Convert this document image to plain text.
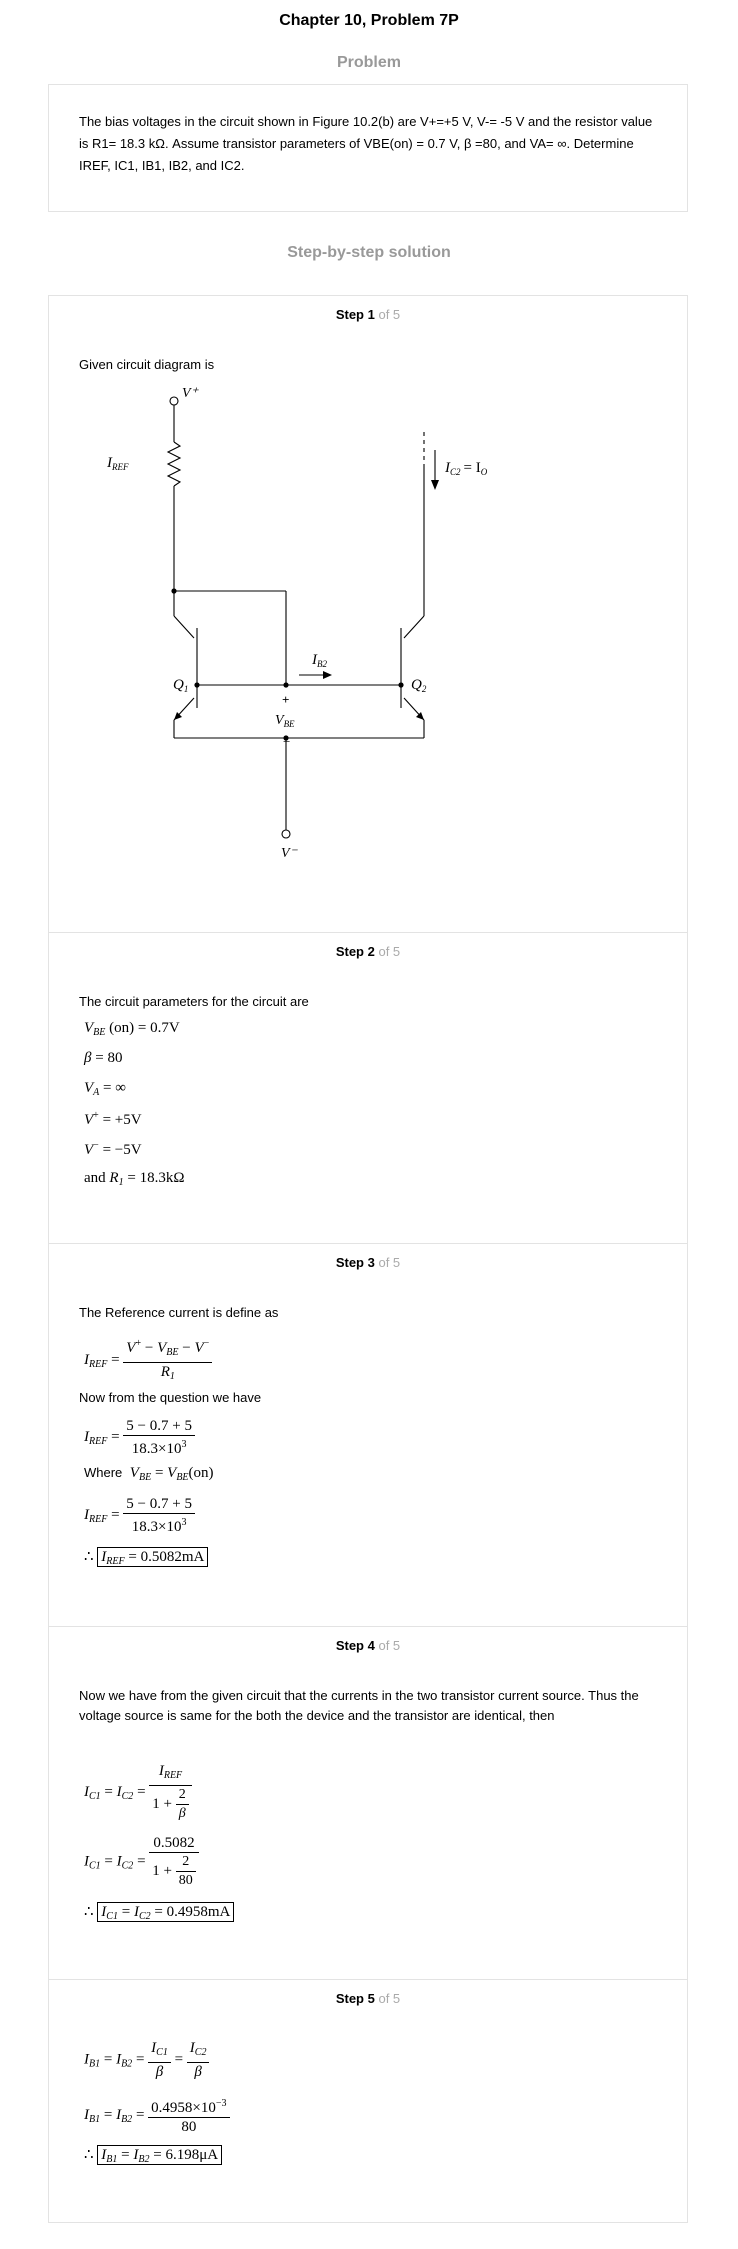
Chapter 10, Problem 7P
Problem
The bias voltages in the circuit shown in Figure 10.2(b) are V+=+5 V, V-= -5 V and the resistor value is R1= 18.3 kΩ. Assume transistor parameters of VBE(on) = 0.7 V, β =80, and VA= ∞. Determine IREF, IC1, IB1, IB2, and IC2.
Step-by-step solution
Step 1 of 5
Given circuit diagram is
V⁺
V⁻
$I_{REF}$	$I_{C2} = I_O$
$I_{B2}$
$Q_1$	$Q_2$
+
$V_{BE}$
−
Step 2 of 5
The circuit parameters for the circuit are
$V_{BE}$ (on) = 0.7V
β = 80
$V_A$ = ∞
V+ = +5V
V− = −5V
and $R_1 = 18.3k\Omega$
Step 3 of 5
The Reference current is define as
$I_{REF} = \frac{V^+ - V_{BE} - V^-}{R_1}$
Now from the question we have
$I_{REF} = \frac{5 - 0.7 + 5}{18.3\times 10^3}$
Where $V_{BE} = V_{BE}(on)$
$I_{REF} = \frac{5 - 0.7 + 5}{18.3\times 10^3}$
∴ $I_{REF} = 0.5082mA$
Step 4 of 5
Now we have from the given circuit that the currents in the two transistor current source. Thus the voltage source is same for the both the device and the transistor are identical, then
$I_{C1} = I_{C2} = \frac{I_{REF}}{1 + \frac{2}{\beta}}$
$I_{C1} = I_{C2} = \frac{0.5082}{1 + \frac{2}{80}}$
∴ $I_{C1} = I_{C2} = 0.4958mA$
Step 5 of 5
$I_{B1} = I_{B2} = \frac{I_{C1}}{\beta} = \frac{I_{C2}}{\beta}$
$I_{B1} = I_{B2} = \frac{0.4958\times 10^{-3}}{80}$
∴ $I_{B1} = I_{B2} = 6.198\mu A$
